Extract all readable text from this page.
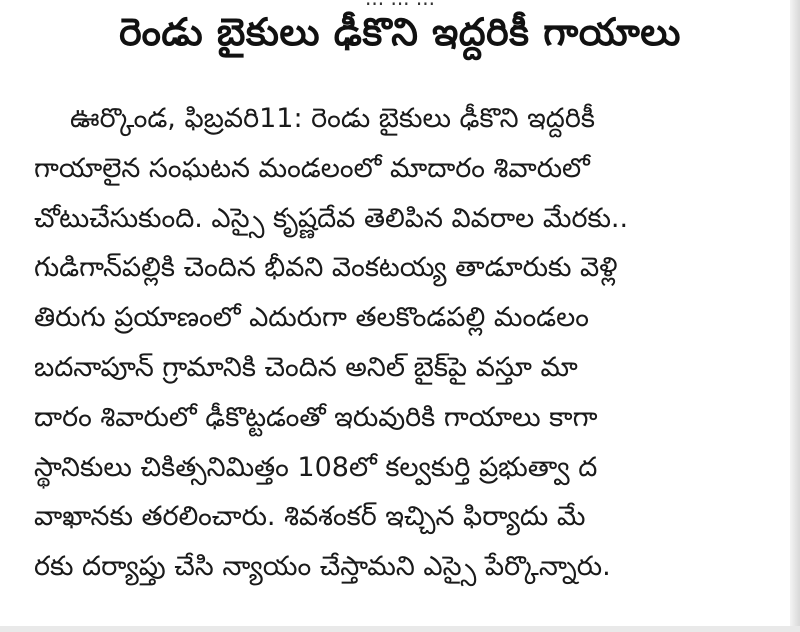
రెండు బైకులు ఢీకొని ఇద్దరికీ గాయాలు
ఊర్కొండ, ఫిబ్రవరి11: రెండు బైకులు ఢీకొని ఇద్దరికీ
గాయాలైన సంఘటన మండలంలో మాదారం శివారులో
చోటుచేసుకుంది. ఎస్సై కృష్ణదేవ తెలిపిన వివరాల మేరకు..
గుడిగాన్‌పల్లికి చెందిన భీవని వెంకటయ్య తాడూరుకు వెళ్లి
తిరుగు ప్రయాణంలో ఎదురుగా తలకొండపల్లి మండలం
బదనాపూన్ గ్రామానికి చెందిన అనిల్ బైక్‌పై వస్తూ మా
దారం శివారులో ఢీకొట్టడంతో ఇరువురికి గాయాలు కాగా
స్థానికులు చికిత్సనిమిత్తం 108లో కల్వకుర్తి ప్రభుత్వా ద
వాఖానకు తరలించారు. శివశంకర్ ఇచ్చిన ఫిర్యాదు మే
రకు దర్యాప్తు చేసి న్యాయం చేస్తామని ఎస్సై పేర్కొన్నారు.
